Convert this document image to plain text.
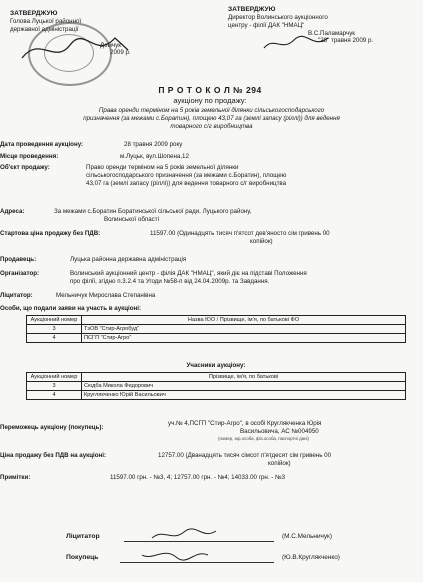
ЗАТВЕРДЖУЮ
Голова Луцької районної
державної адміністрації
Демчук
2009 р.
ЗАТВЕРДЖУЮ
Директор Волинського аукціонного
центру - філії ДАК "НМАЦ"
В.С.Паламарчук
"28" травня 2009 р.
П Р О Т О К О Л № 294
аукціону по продажу:
Права оренди терміном на 5 років земельної ділянки сільськогосподарського
призначення (за межами с.Боратин), площею 43,07 га (землі запасу (ріллі)) для ведення
товарного с/г виробництва
Дата проведення аукціону:	28 травня 2009 року
Місце проведення:	м.Луцьк, вул.Шопена,12
Об'єкт продажу:	Право оренди терміном на 5 років земельної ділянки
сільськогосподарського призначення (за межами с.Боратин), площею
43,07 га (землі запасу (ріллі)) для ведення товарного с/г виробництва
Адреса:	За межами с.Боратин Боратинської сільської ради, Луцького району,
Волинської області
Стартова ціна продажу без ПДВ:	11597.00 (Одинадцять тисяч п'ятсот дев'яносто сім гривень 00
копійок)
Продавець:	Луцька районна державна адміністрація
Організатор:	Волинський аукціонний центр - філія ДАК "НМАЦ", який діє на підставі Положення
про філії, згідно п.3.2.4 та Угоди №58-п від 24.04.2009р. та Завдання.
Ліцитатор:	Мельничук Мирослава Степанівна
Особи, що подали заяви на участь в аукціоні:
Аукціонний номер	Назва ЮО / Прізвище, ім'я, по батькові ФО
3	ТзОВ "Стир-Агробуд"
4	ПСГП "Стир-Агро"
Учасники аукціону:
Аукціонний номер	Прізвище, ім'я, по батькові
3	Сюдба Микола Федорович
4	Круглякченко Юрій Васильович
Переможець аукціону (покупець):
уч.№ 4,ПСГП "Стир-Агро", в особі Круглякченка Юрія
Васильовича, АС №004950
(номер, юр.особа, фіз.особа, паспортні дані)
Ціна продажу без ПДВ на аукціоні:	12757.00 (Дванадцять тисяч сімсот п'ятдесят сім гривень 00
копійок)
Примітки:	11597.00 грн. - №3, 4; 12757.00 грн. - №4; 14033.00 грн. - №3
Ліцитатор	(М.С.Мельничук)
Покупець	(Ю.В.Круглякченко)
